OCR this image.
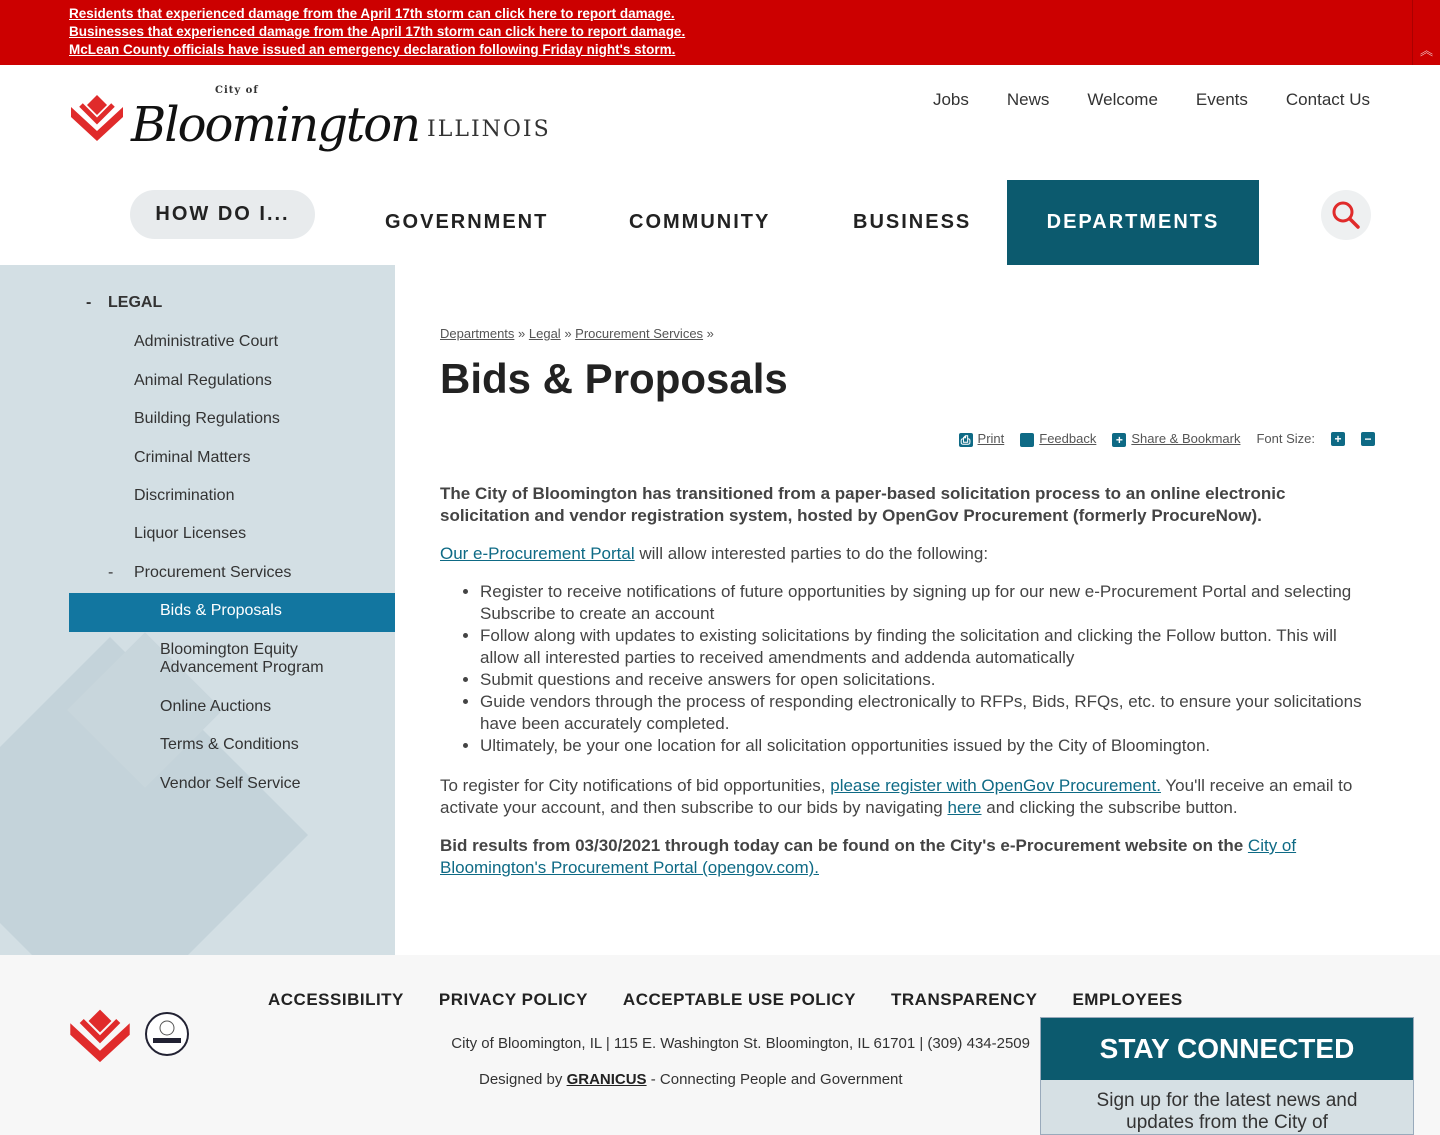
Residents that experienced damage from the April 17th storm can click here to report damage.
Businesses that experienced damage from the April 17th storm can click here to report damage.
McLean County officials have issued an emergency declaration following Friday night's storm.	︽
City of
Bloomington ILLINOIS
Jobs News Welcome Events Contact Us
HOW DO I...	GOVERNMENT	COMMUNITY	BUSINESS	DEPARTMENTS
- LEGAL
Administrative Court
Animal Regulations
Building Regulations
Criminal Matters
Discrimination
Liquor Licenses
- Procurement Services
Bids & Proposals
Bloomington Equity Advancement Program
Online Auctions
Terms & Conditions
Vendor Self Service
Departments » Legal » Procurement Services »
Bids & Proposals
⎙ Print	Feedback + Share & Bookmark Font Size: + −

The City of Bloomington has transitioned from a paper-based solicitation process to an online electronic solicitation and vendor registration system, hosted by OpenGov Procurement (formerly ProcureNow).

Our e-Procurement Portal will allow interested parties to do the following:

• Register to receive notifications of future opportunities by signing up for our new e-Procurement Portal and selecting Subscribe to create an account
• Follow along with updates to existing solicitations by finding the solicitation and clicking the Follow button. This will allow all interested parties to received amendments and addenda automatically
• Submit questions and receive answers for open solicitations.
• Guide vendors through the process of responding electronically to RFPs, Bids, RFQs, etc. to ensure your solicitations have been accurately completed.
• Ultimately, be your one location for all solicitation opportunities issued by the City of Bloomington.

To register for City notifications of bid opportunities, please register with OpenGov Procurement. You'll receive an email to activate your account, and then subscribe to our bids by navigating here and clicking the subscribe button.

Bid results from 03/30/2021 through today can be found on the City's e-Procurement website on the City of Bloomington's Procurement Portal (opengov.com).

ACCESSIBILITY PRIVACY POLICY ACCEPTABLE USE POLICY TRANSPARENCY EMPLOYEES
City of Bloomington, IL | 115 E. Washington St. Bloomington, IL 61701 | (309) 434-2509
Designed by GRANICUS - Connecting People and Government
STAY CONNECTED
Sign up for the latest news and updates from the City of
